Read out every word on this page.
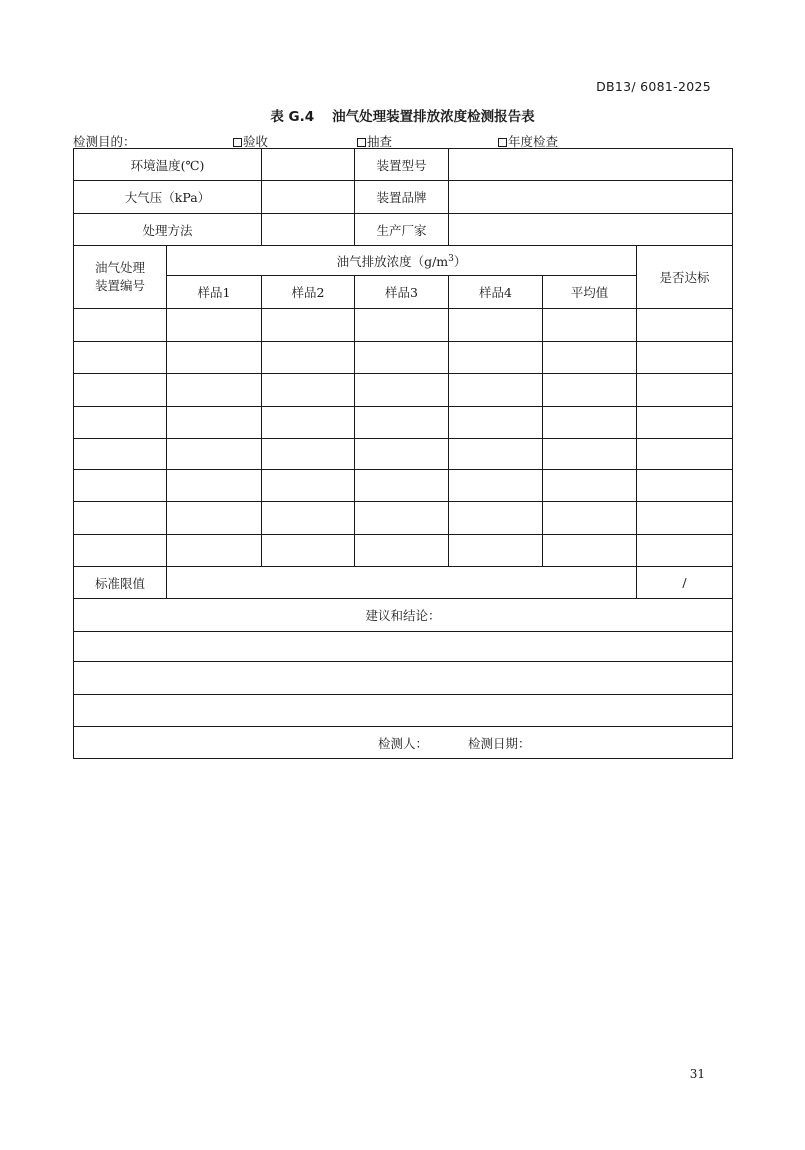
DB13/ 6081-2025
表 G.4 油气处理装置排放浓度检测报告表
检测目的：	验收	抽查	年度检查
环境温度(℃)			装置型号			
大气压（kPa）			装置品牌			
处理方法			生产厂家			
油气处理
装置编号	油气排放浓度$(g/m^3)$					是否达标
	样品1	样品2	样品3	样品4	平均值	

标准限值						/
建议和结论：						

检测人： 检测日期：						
31
